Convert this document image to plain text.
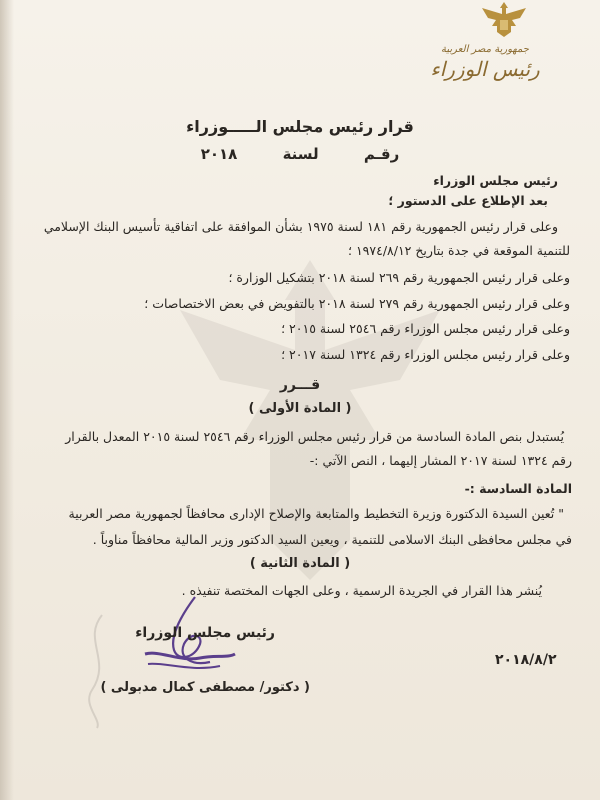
جمهورية مصر العربية
رئيس الوزراء
قرار رئيس مجلس الـــــوزراء
رقـم لسنة ٢٠١٨
رئيس مجلس الوزراء
بعد الإطلاع على الدستور ؛
وعلى قرار رئيس الجمهورية رقم ١٨١ لسنة ١٩٧٥ بشأن الموافقة على اتفاقية تأسيس البنك الإسلامي
للتنمية الموقعة في جدة بتاريخ ١٩٧٤/٨/١٢ ؛
وعلى قرار رئيس الجمهورية رقم ٢٦٩ لسنة ٢٠١٨ بتشكيل الوزارة ؛
وعلى قرار رئيس الجمهورية رقم ٢٧٩ لسنة ٢٠١٨ بالتفويض في بعض الاختصاصات ؛
وعلى قرار رئيس مجلس الوزراء رقم ٢٥٤٦ لسنة ٢٠١٥ ؛
وعلى قرار رئيس مجلس الوزراء رقم ١٣٢٤ لسنة ٢٠١٧ ؛
قـــرر
( المادة الأولى )
يُستبدل بنص المادة السادسة من قرار رئيس مجلس الوزراء رقم ٢٥٤٦ لسنة ٢٠١٥ المعدل بالقرار
رقم ١٣٢٤ لسنة ٢٠١٧ المشار إليهما ، النص الآتي :-
المادة السادسة :-
" تُعين السيدة الدكتورة وزيرة التخطيط والمتابعة والإصلاح الإدارى محافظاً لجمهورية مصر العربية
في مجلس محافظى البنك الاسلامى للتنمية ، ويعين السيد الدكتور وزير المالية محافظاً مناوباً .
( المادة الثانية )
يُنشر هذا القرار في الجريدة الرسمية ، وعلى الجهات المختصة تنفيذه .
رئيس مجلس الوزراء
( دكتور/ مصطفى كمال مدبولى )
٢٠١٨/٨/٢
